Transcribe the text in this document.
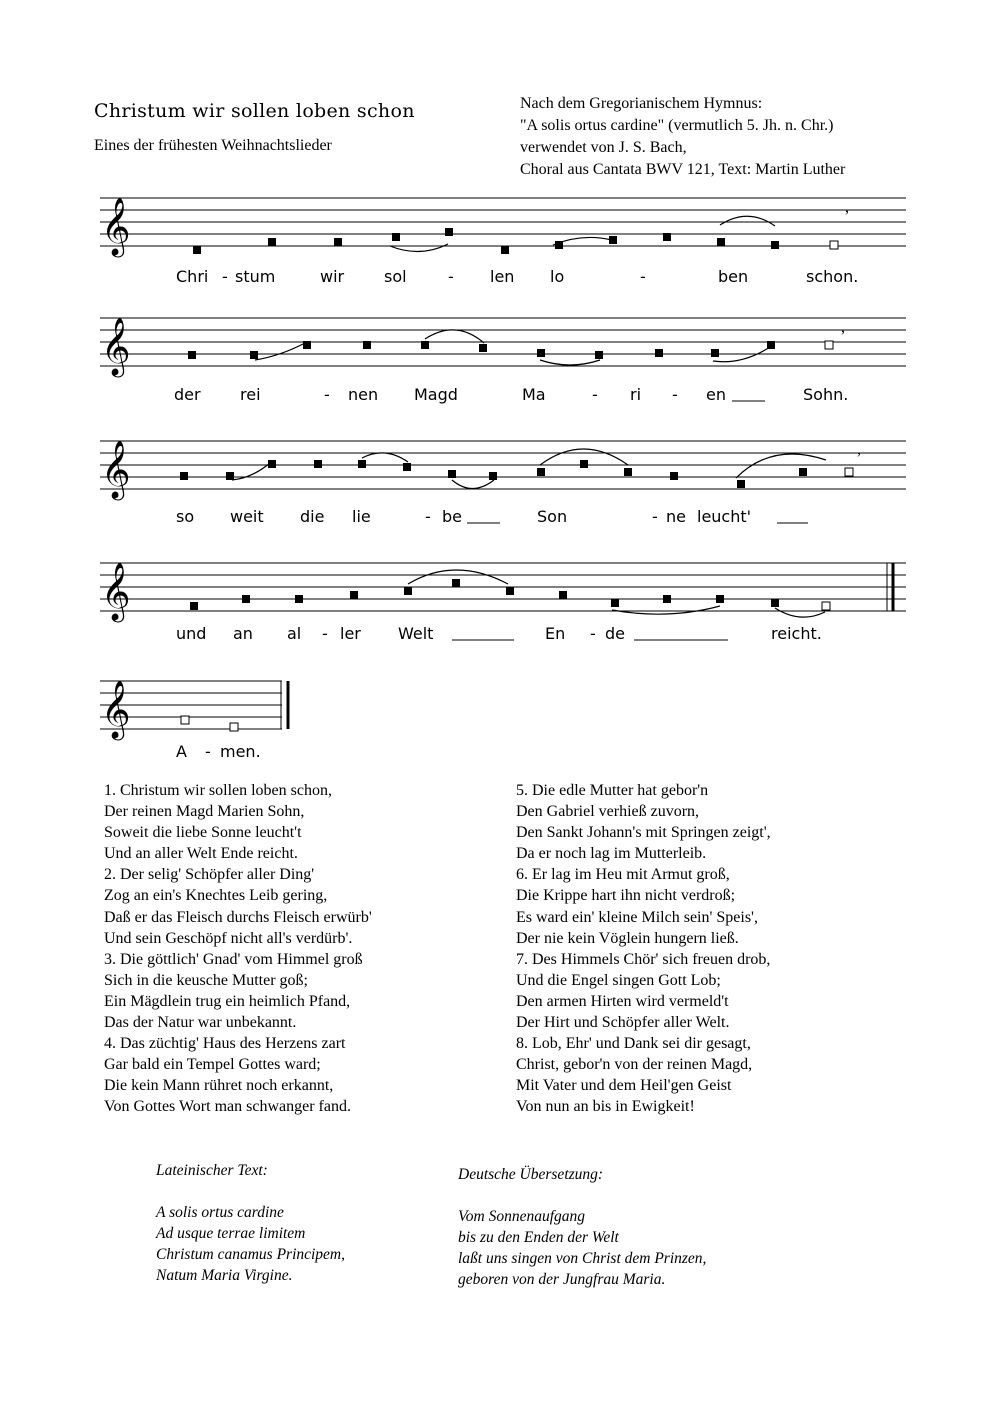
Christum wir sollen loben schon
Eines der frühesten Weihnachtslieder
Nach dem Gregorianischem Hymnus:
"A solis ortus cardine" (vermutlich 5. Jh. n. Chr.)
verwendet von J. S. Bach,
Choral aus Cantata BWV 121, Text: Martin Luther
𝄞	,
𝄞	,
𝄞	,
𝄞
𝄞
Chri - stum	wir sol	- len lo	-	ben	schon.
der rei	- nen Magd	Ma	- ri - en	Sohn.
so weit die lie	- be	Son	- ne leucht'
und an al - ler Welt	En - de	reicht.
A - men.
1. Christum wir sollen loben schon,
Der reinen Magd Marien Sohn,
Soweit die liebe Sonne leucht't
Und an aller Welt Ende reicht.
2. Der selig' Schöpfer aller Ding'
Zog an ein's Knechtes Leib gering,
Daß er das Fleisch durchs Fleisch erwürb'
Und sein Geschöpf nicht all's verdürb'.
3. Die göttlich' Gnad' vom Himmel groß
Sich in die keusche Mutter goß;
Ein Mägdlein trug ein heimlich Pfand,
Das der Natur war unbekannt.
4. Das züchtig' Haus des Herzens zart
Gar bald ein Tempel Gottes ward;
Die kein Mann rühret noch erkannt,
Von Gottes Wort man schwanger fand.
5. Die edle Mutter hat gebor'n
Den Gabriel verhieß zuvorn,
Den Sankt Johann's mit Springen zeigt',
Da er noch lag im Mutterleib.
6. Er lag im Heu mit Armut groß,
Die Krippe hart ihn nicht verdroß;
Es ward ein' kleine Milch sein' Speis',
Der nie kein Vöglein hungern ließ.
7. Des Himmels Chör' sich freuen drob,
Und die Engel singen Gott Lob;
Den armen Hirten wird vermeld't
Der Hirt und Schöpfer aller Welt.
8. Lob, Ehr' und Dank sei dir gesagt,
Christ, gebor'n von der reinen Magd,
Mit Vater und dem Heil'gen Geist
Von nun an bis in Ewigkeit!
Lateinischer Text:
A solis ortus cardine
Ad usque terrae limitem
Christum canamus Principem,
Natum Maria Virgine.
Deutsche Übersetzung:
Vom Sonnenaufgang
bis zu den Enden der Welt
laßt uns singen von Christ dem Prinzen,
geboren von der Jungfrau Maria.
